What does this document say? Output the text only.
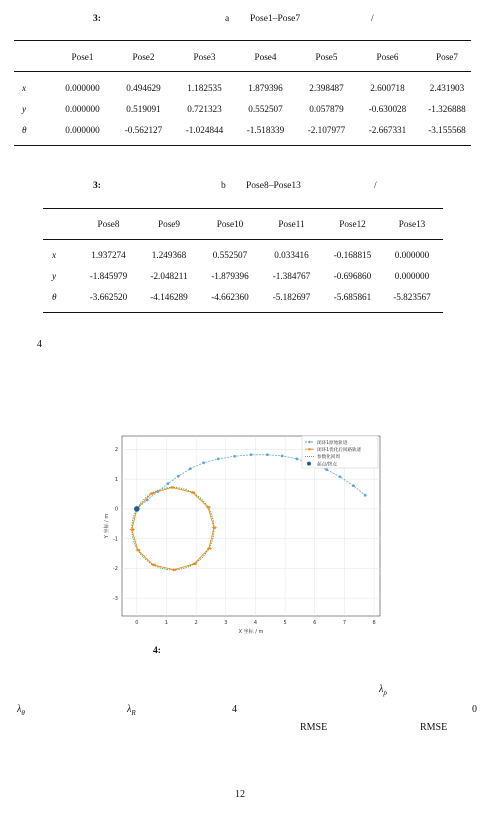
3:	a Pose1–Pose7	/
	Pose1	Pose2	Pose3	Pose4	Pose5	Pose6	Pose7

x	0.000000	0.494629	1.182535	1.879396	2.398487	2.600718	2.431903
y	0.000000	0.519091	0.721323	0.552507	0.057879	-0.630028	-1.326888
θ	0.000000	-0.562127	-1.024844	-1.518339	-2.107977	-2.667331	-3.155568
3:	b Pose8–Pose13	/
	Pose8	Pose9	Pose10	Pose11	Pose12	Pose13

x	1.937274	1.249368	0.552507	0.033416	-0.168815	0.000000
y	-1.845979	-2.048211	-1.879396	-1.384767	-0.696860	0.000000
θ	-3.662520	-4.146289	-4.662360	-5.182697	-5.685861	-5.823567
4
0	1	2	3	4	5	6	7	8
2
1
0
-1
-2
-3
X 坐标 / m
Y 坐标 / m
闭环1原始轨迹
闭环1优化后回路轨迹
参数化回周
起点/终点
4:
$\lambda_p$
$\lambda_\theta$	$\lambda_R$	4	0
RMSE	RMSE
12
